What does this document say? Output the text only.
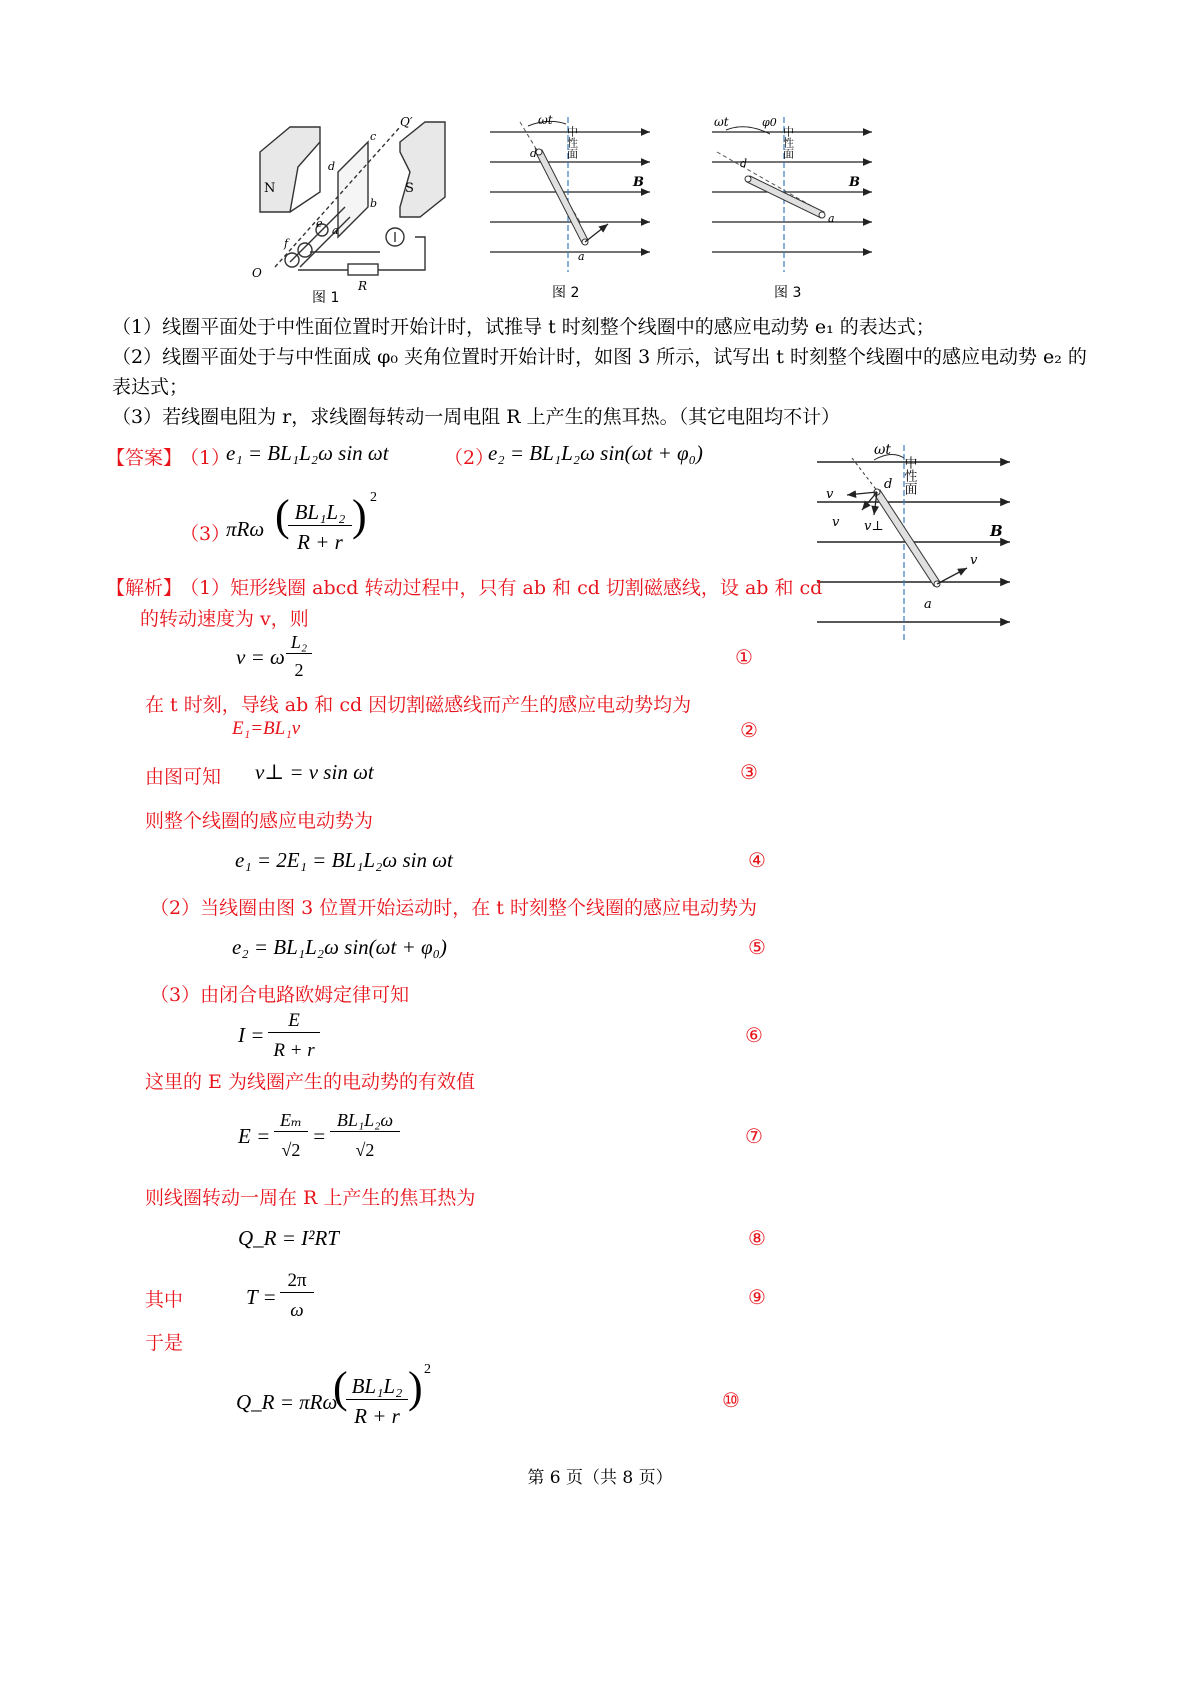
N	S
Q′
c
d
b
a
e
f
O
R
图 1
ωt
中性面
B
d
a
图 2
ωt	φ0
中性面
B
d
a
图 3
（1）线圈平面处于中性面位置时开始计时，试推导 t 时刻整个线圈中的感应电动势 e₁ 的表达式；
（2）线圈平面处于与中性面成 φ₀ 夹角位置时开始计时，如图 3 所示，试写出 t 时刻整个线圈中的感应电动势 e₂ 的表达式；
（3）若线圈电阻为 r，求线圈每转动一周电阻 R 上产生的焦耳热。（其它电阻均不计）
【答案】
（1）
e₁ = BL₁L₂ω sin ωt	（2）
e₂ = BL₁L₂ω sin(ωt + φ₀)
（3）
πRω ( BL₁L₂
R + r
) 2
ωt
中性面
B
v
v v⊥
d
a
v
【解析】
（1）矩形线圈 abcd 转动过程中，只有 ab 和 cd 切割磁感线，设 ab 和 cd
的转动速度为 v，则
v = ω
L₂
2
①
在 t 时刻，导线 ab 和 cd 因切割磁感线而产生的感应电动势均为
E₁=BL₁v	②
由图可知 v⊥ = v sin ωt	③
则整个线圈的感应电动势为
e₁ = 2E₁ = BL₁L₂ω sin ωt	④
（2）当线圈由图 3 位置开始运动时，在 t 时刻整个线圈的感应电动势为
e₂ = BL₁L₂ω sin(ωt + φ₀)	⑤
（3）由闭合电路欧姆定律可知
I =
E
R + r
⑥
这里的 E 为线圈产生的电动势的有效值
E =
Eₘ
√2
=
BL₁L₂ω
√2
⑦
则线圈转动一周在 R 上产生的焦耳热为
Q_R = I²RT	⑧
其中	T =
2π
ω
⑨
于是
Q_R = πRω
( BL₁L₂
R + r
) 2
⑩
第 6 页（共 8 页）
